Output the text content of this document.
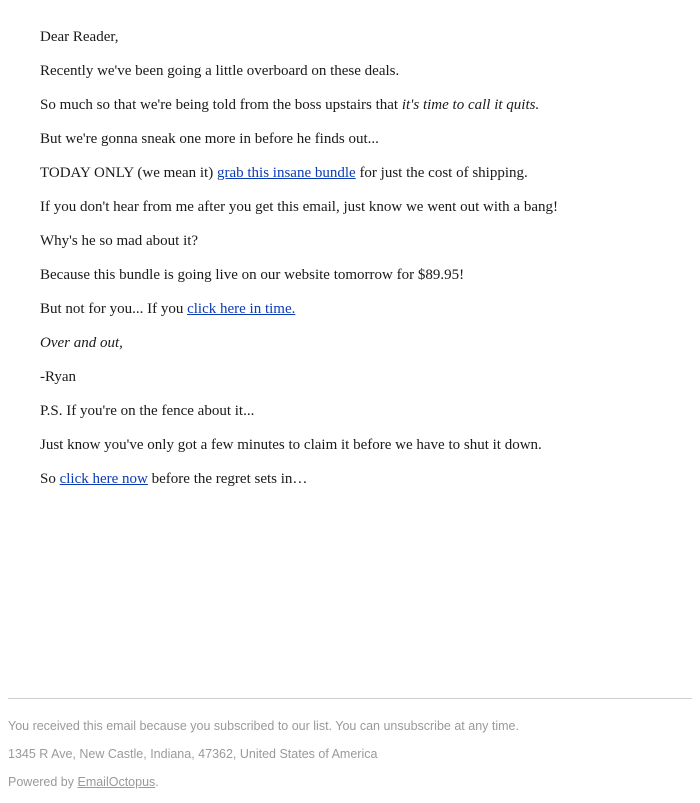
Dear Reader,

Recently we've been going a little overboard on these deals.

So much so that we're being told from the boss upstairs that it's time to call it quits.

But we're gonna sneak one more in before he finds out...

TODAY ONLY (we mean it) grab this insane bundle for just the cost of shipping.

If you don't hear from me after you get this email, just know we went out with a bang!

Why's he so mad about it?

Because this bundle is going live on our website tomorrow for $89.95!

But not for you... If you click here in time.

Over and out,

-Ryan

P.S. If you're on the fence about it...

Just know you've only got a few minutes to claim it before we have to shut it down.

So click here now before the regret sets in…

You received this email because you subscribed to our list. You can unsubscribe at any time.

1345 R Ave, New Castle, Indiana, 47362, United States of America

Powered by EmailOctopus.
